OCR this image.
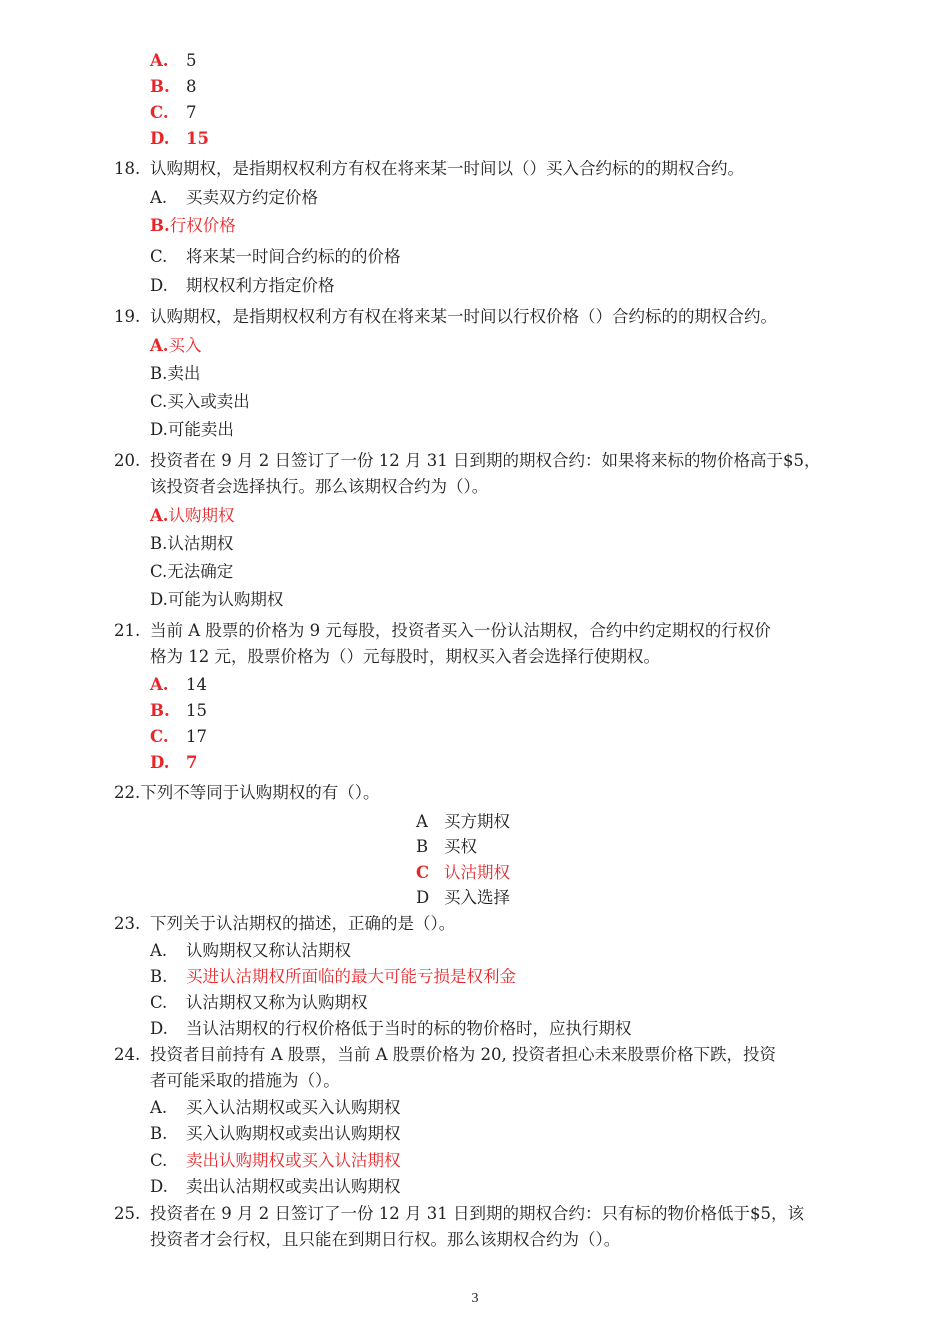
A.	5
B. 8
C.	7
D.	15
18. 认购期权，是指期权权利方有权在将来某一时间以（）买入合约标的的期权合约。
A. 买卖双方约定价格
B.行权价格
C. 将来某一时间合约标的的价格
D. 期权权利方指定价格
19. 认购期权，是指期权权利方有权在将来某一时间以行权价格（）合约标的的期权合约。
A.买入
B.卖出
C.买入或卖出
D.可能卖出
20. 投资者在 9 月 2 日签订了一份 12 月 31 日到期的期权合约：如果将来标的物价格高于$5，
该投资者会选择执行。那么该期权合约为（）。
A.认购期权
B.认沽期权
C.无法确定
D.可能为认购期权
21. 当前 A 股票的价格为 9 元每股，投资者买入一份认沽期权，合约中约定期权的行权价
格为 12 元，股票价格为（）元每股时，期权买入者会选择行使期权。
A.	14
B. 15
C.	17
D.	7
22.下列不等同于认购期权的有（）。
A 买方期权
B 买权
C 认沽期权
D 买入选择
23. 下列关于认沽期权的描述，正确的是（）。
A. 认购期权又称认沽期权
B. 买进认沽期权所面临的最大可能亏损是权利金
C. 认沽期权又称为认购期权
D. 当认沽期权的行权价格低于当时的标的物价格时，应执行期权
24. 投资者目前持有 A 股票，当前 A 股票价格为 20, 投资者担心未来股票价格下跌，投资
者可能采取的措施为（）。
A. 买入认沽期权或买入认购期权
B. 买入认购期权或卖出认购期权
C. 卖出认购期权或买入认沽期权
D. 卖出认沽期权或卖出认购期权
25. 投资者在 9 月 2 日签订了一份 12 月 31 日到期的期权合约：只有标的物价格低于$5，该
投资者才会行权，且只能在到期日行权。那么该期权合约为（）。
3
